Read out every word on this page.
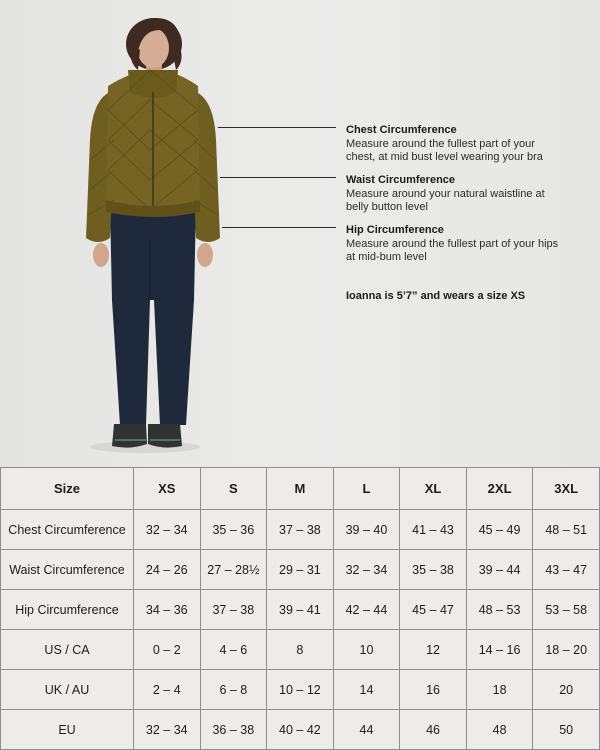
Chest Circumference
Measure around the fullest part of your chest, at mid bust level wearing your bra
Waist Circumference
Measure around your natural waistline at belly button level
Hip Circumference
Measure around the fullest part of your hips at mid-bum level
Ioanna is 5’7” and wears a size XS
Size	XS	S	M	L	XL	2XL	3XL
Chest Circumference	32 – 34	35 – 36	37 – 38	39 – 40	41 – 43	45 – 49	48 – 51
Waist Circumference	24 – 26	27 – 28½	29 – 31	32 – 34	35 – 38	39 – 44	43 – 47
Hip Circumference	34 – 36	37 – 38	39 – 41	42 – 44	45 – 47	48 – 53	53 – 58
US / CA	0 – 2	4 – 6	8	10	12	14 – 16	18 – 20
UK / AU	2 – 4	6 – 8	10 – 12	14	16	18	20
EU	32 – 34	36 – 38	40 – 42	44	46	48	50
